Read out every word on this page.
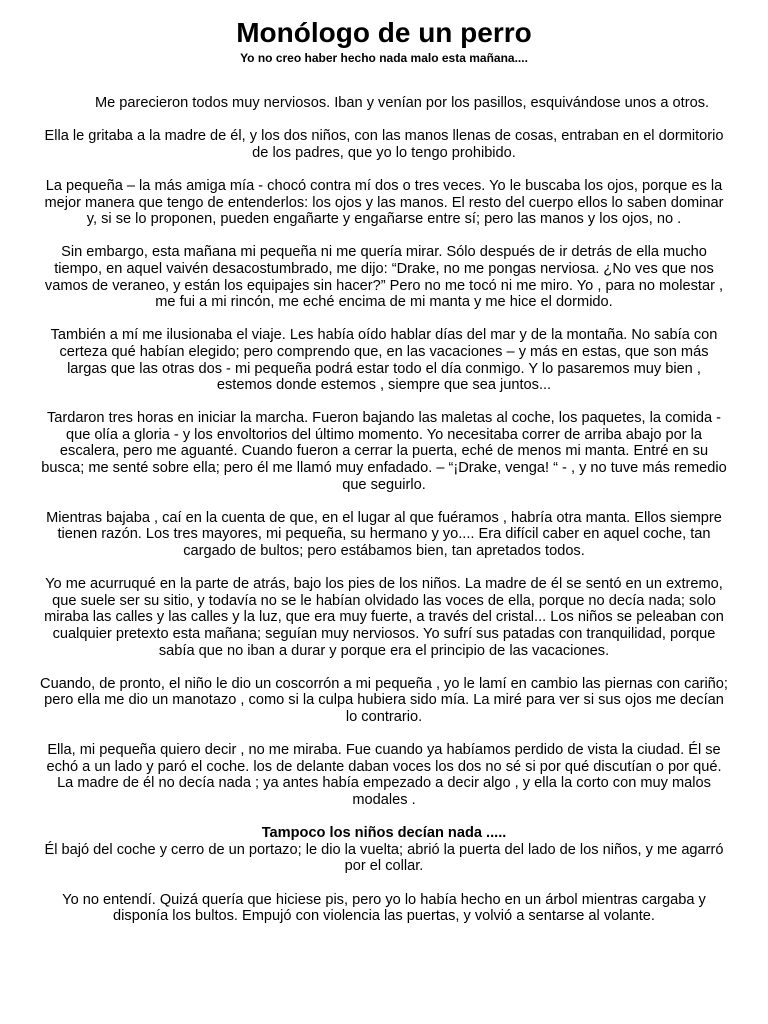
Monólogo de un perro
Yo no creo haber hecho nada malo esta mañana....

Me parecieron todos muy nerviosos. Iban y venían por los pasillos, esquivándose unos a otros.

Ella le gritaba a la madre de él, y los dos niños, con las manos llenas de cosas, entraban en el dormitorio de los padres, que yo lo tengo prohibido.

La pequeña – la más amiga mía - chocó contra mí dos o tres veces. Yo le buscaba los ojos, porque es la mejor manera que tengo de entenderlos: los ojos y las manos. El resto del cuerpo ellos lo saben dominar y, si se lo proponen, pueden engañarte y engañarse entre sí; pero las manos y los ojos, no .

Sin embargo, esta mañana mi pequeña ni me quería mirar. Sólo después de ir detrás de ella mucho tiempo, en aquel vaivén desacostumbrado, me dijo: “Drake, no me pongas nerviosa. ¿No ves que nos vamos de veraneo, y están los equipajes sin hacer?” Pero no me tocó ni me miro. Yo , para no molestar , me fui a mi rincón, me eché encima de mi manta y me hice el dormido.

También a mí me ilusionaba el viaje. Les había oído hablar días del mar y de la montaña. No sabía con certeza qué habían elegido; pero comprendo que, en las vacaciones – y más en estas, que son más largas que las otras dos - mi pequeña podrá estar todo el día conmigo. Y lo pasaremos muy bien , estemos donde estemos , siempre que sea juntos...

Tardaron tres horas en iniciar la marcha. Fueron bajando las maletas al coche, los paquetes, la comida - que olía a gloria - y los envoltorios del último momento. Yo necesitaba correr de arriba abajo por la escalera, pero me aguanté. Cuando fueron a cerrar la puerta, eché de menos mi manta. Entré en su busca; me senté sobre ella; pero él me llamó muy enfadado. – “¡Drake, venga! “ - , y no tuve más remedio que seguirlo.

Mientras bajaba , caí en la cuenta de que, en el lugar al que fuéramos , habría otra manta. Ellos siempre tienen razón. Los tres mayores, mi pequeña, su hermano y yo.... Era difícil caber en aquel coche, tan cargado de bultos; pero estábamos bien, tan apretados todos.

Yo me acurruqué en la parte de atrás, bajo los pies de los niños. La madre de él se sentó en un extremo, que suele ser su sitio, y todavía no se le habían olvidado las voces de ella, porque no decía nada; solo miraba las calles y las calles y la luz, que era muy fuerte, a través del cristal... Los niños se peleaban con cualquier pretexto esta mañana; seguían muy nerviosos. Yo sufrí sus patadas con tranquilidad, porque sabía que no iban a durar y porque era el principio de las vacaciones.

Cuando, de pronto, el niño le dio un coscorrón a mi pequeña , yo le lamí en cambio las piernas con cariño; pero ella me dio un manotazo , como si la culpa hubiera sido mía. La miré para ver si sus ojos me decían lo contrario.

Ella, mi pequeña quiero decir , no me miraba. Fue cuando ya habíamos perdido de vista la ciudad. Él se echó a un lado y paró el coche. los de delante daban voces los dos no sé si por qué discutían o por qué. La madre de él no decía nada ; ya antes había empezado a decir algo , y ella la corto con muy malos modales .

Tampoco los niños decían nada .....

Él bajó del coche y cerro de un portazo; le dio la vuelta; abrió la puerta del lado de los niños, y me agarró por el collar.

Yo no entendí. Quizá quería que hiciese pis, pero yo lo había hecho en un árbol mientras cargaba y disponía los bultos. Empujó con violencia las puertas, y volvió a sentarse al volante.
